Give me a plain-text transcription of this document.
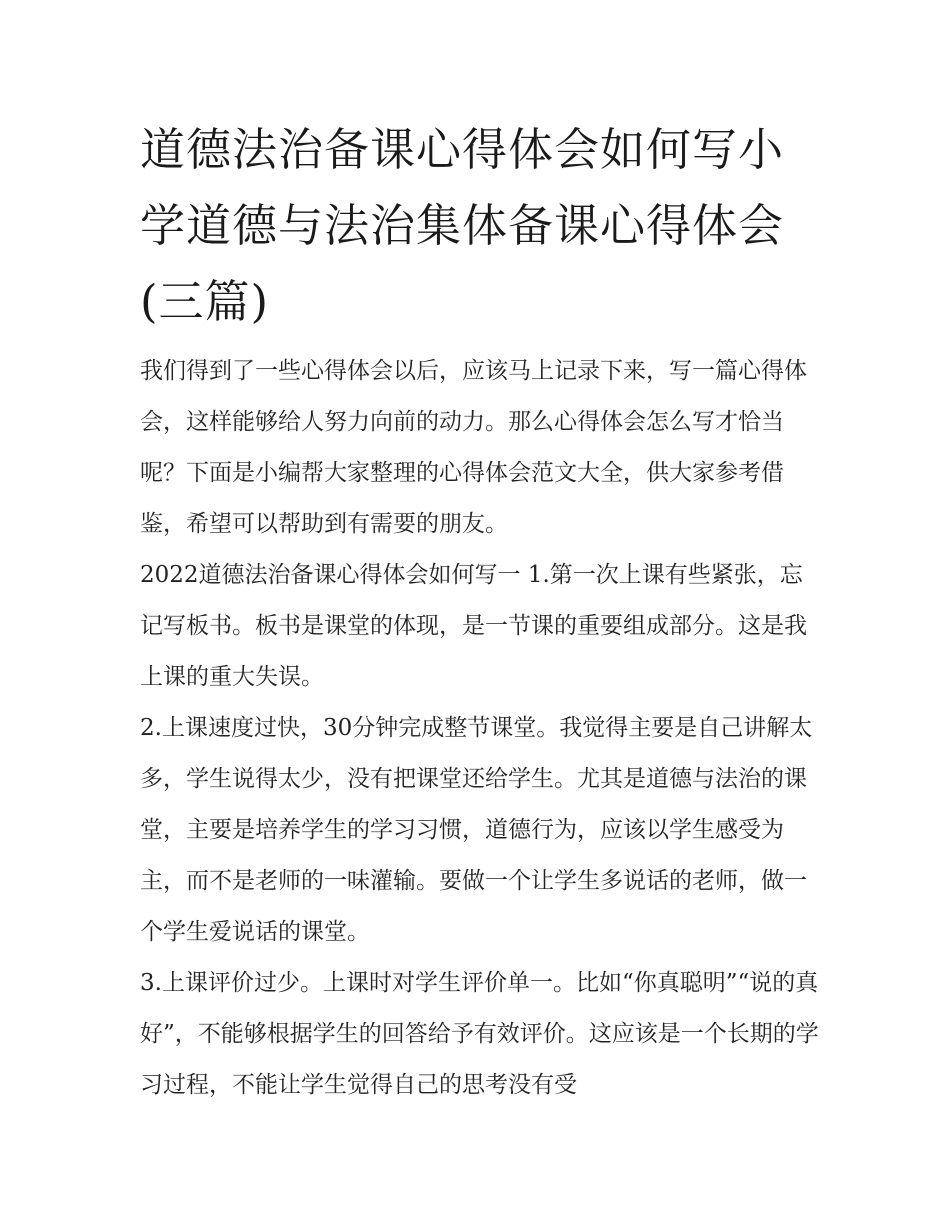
道德法治备课心得体会如何写小学道德与法治集体备课心得体会(三篇)

我们得到了一些心得体会以后，应该马上记录下来，写一篇心得体会，这样能够给人努力向前的动力。那么心得体会怎么写才恰当呢？下面是小编帮大家整理的心得体会范文大全，供大家参考借鉴，希望可以帮助到有需要的朋友。

2022道德法治备课心得体会如何写一 1.第一次上课有些紧张，忘记写板书。板书是课堂的体现，是一节课的重要组成部分。这是我上课的重大失误。

2.上课速度过快，30分钟完成整节课堂。我觉得主要是自己讲解太多，学生说得太少，没有把课堂还给学生。尤其是道德与法治的课堂，主要是培养学生的学习习惯，道德行为，应该以学生感受为主，而不是老师的一味灌输。要做一个让学生多说话的老师，做一个学生爱说话的课堂。

3.上课评价过少。上课时对学生评价单一。比如“你真聪明”“说的真好”，不能够根据学生的回答给予有效评价。这应该是一个长期的学习过程，不能让学生觉得自己的思考没有受
